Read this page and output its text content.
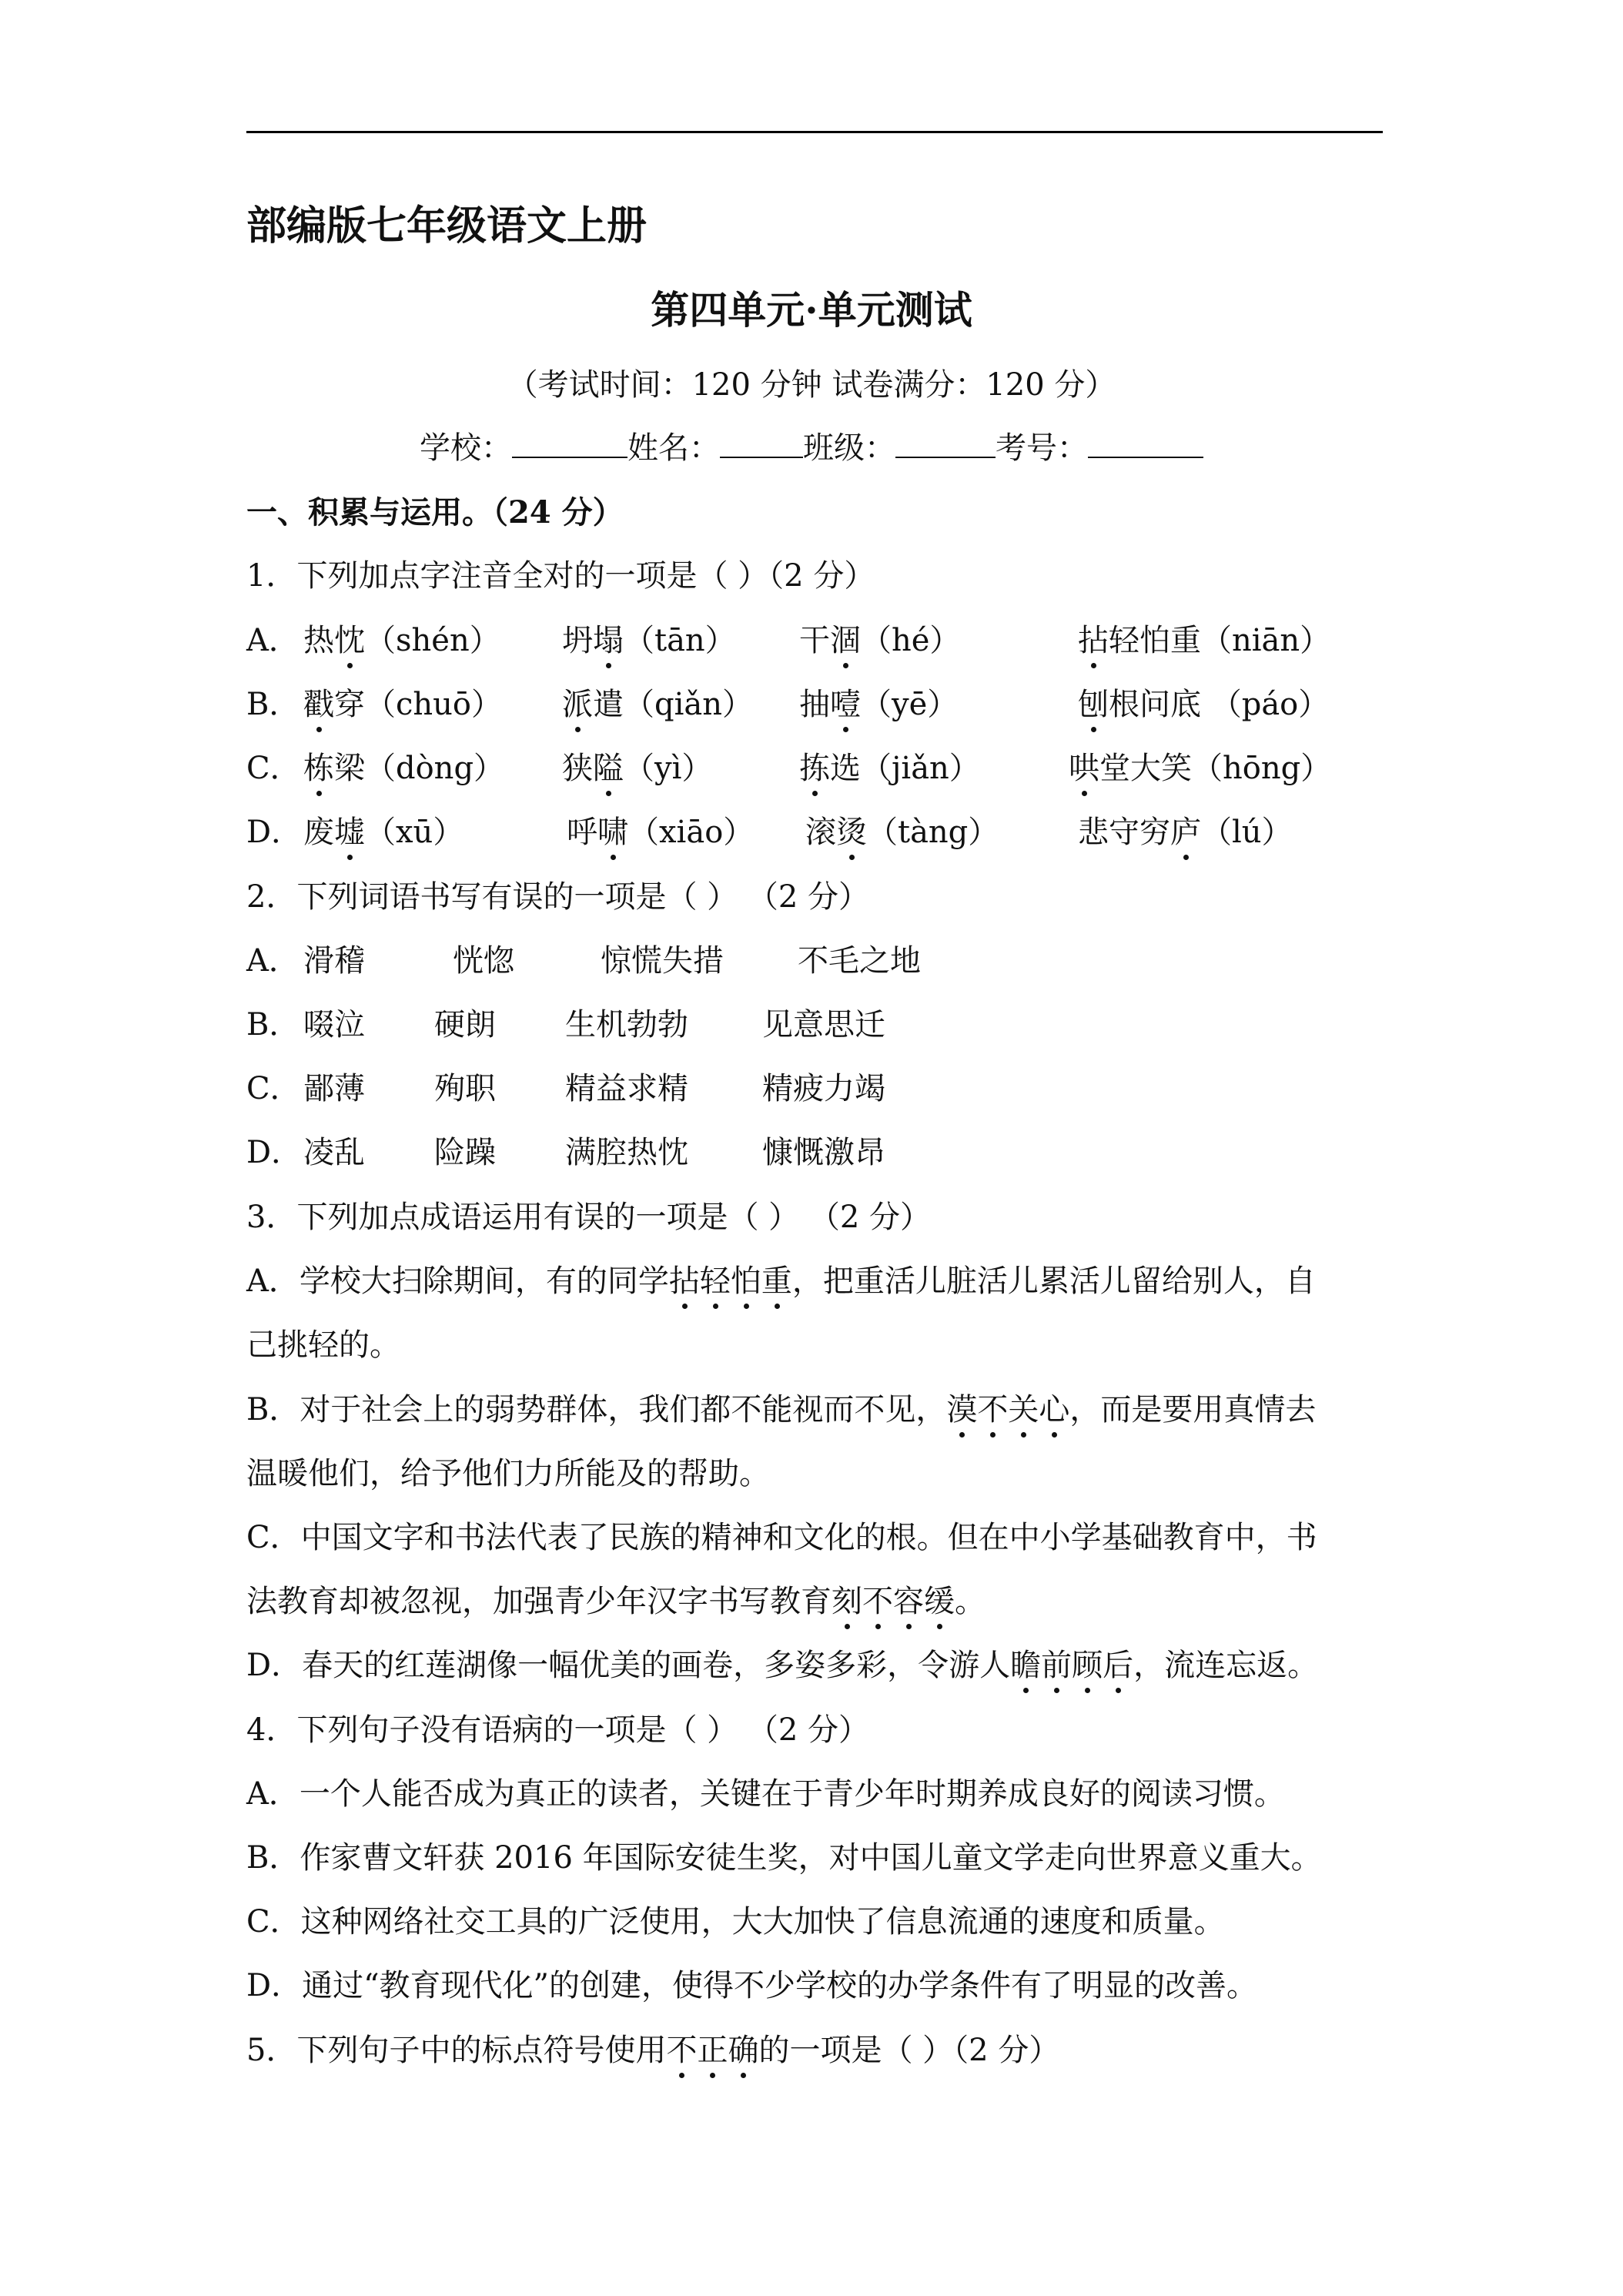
部编版七年级语文上册
第四单元·单元测试
（考试时间：120 分钟 试卷满分：120 分）
学校：	姓名：	班级：	考号：
一、积累与运用。（24 分）
1．下列加点字注音全对的一项是（ ）（2 分）
A． 热忱（shén） 坍塌（tān） 干涸（hé）	拈轻怕重（niān）
B． 戳穿（chuō） 派遣（qiǎn） 抽噎（yē）	刨根问底 （páo）
C． 栋梁（dòng） 狭隘（yì）	拣选（jiǎn）	哄堂大笑（hōng）
D． 废墟（xū）	呼啸（xiāo） 滚烫（tàng）	悲守穷庐（lú）
2．下列词语书写有误的一项是（ ） （2 分）
A． 滑稽	恍惚	惊慌失措 不毛之地
B． 啜泣 硬朗 生机勃勃 见意思迁
C． 鄙薄 殉职 精益求精 精疲力竭
D． 凌乱 险躁 满腔热忱 慷慨激昂
3．下列加点成语运用有误的一项是（ ） （2 分）
A．学校大扫除期间，有的同学拈轻怕重，把重活儿脏活儿累活儿留给别人，自
己挑轻的。
B．对于社会上的弱势群体，我们都不能视而不见，漠不关心，而是要用真情去
温暖他们，给予他们力所能及的帮助。
C．中国文字和书法代表了民族的精神和文化的根。但在中小学基础教育中，书
法教育却被忽视，加强青少年汉字书写教育刻不容缓。
D．春天的红莲湖像一幅优美的画卷，多姿多彩，令游人瞻前顾后，流连忘返。
4．下列句子没有语病的一项是（ ） （2 分）
A．一个人能否成为真正的读者，关键在于青少年时期养成良好的阅读习惯。
B．作家曹文轩获 2016 年国际安徒生奖，对中国儿童文学走向世界意义重大。
C．这种网络社交工具的广泛使用，大大加快了信息流通的速度和质量。
D．通过“教育现代化”的创建，使得不少学校的办学条件有了明显的改善。
5．下列句子中的标点符号使用不正确的一项是（ ）（2 分）
